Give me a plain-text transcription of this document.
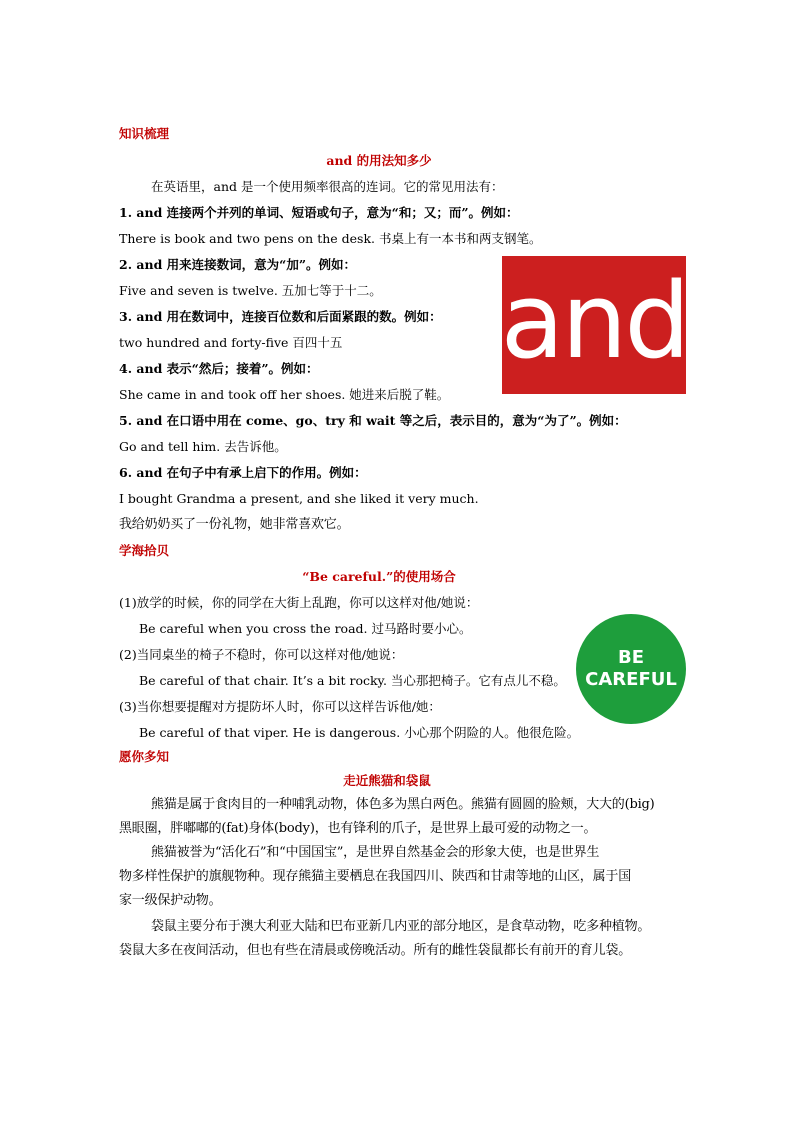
知识梳理
and 的用法知多少
在英语里，and 是一个使用频率很高的连词。它的常见用法有：
1. and 连接两个并列的单词、短语或句子，意为“和；又；而”。例如：
There is book and two pens on the desk. 书桌上有一本书和两支钢笔。
2. and 用来连接数词，意为“加”。例如：
Five and seven is twelve. 五加七等于十二。
3. and 用在数词中，连接百位数和后面紧跟的数。例如：
two hundred and forty-five 百四十五
4. and 表示“然后；接着”。例如：
She came in and took off her shoes. 她进来后脱了鞋。
5. and 在口语中用在 come、go、try 和 wait 等之后，表示目的，意为“为了”。例如：
Go and tell him. 去告诉他。
6. and 在句子中有承上启下的作用。例如：
I bought Grandma a present, and she liked it very much.
我给奶奶买了一份礼物，她非常喜欢它。
学海拾贝
“Be careful.”的使用场合
(1)放学的时候，你的同学在大街上乱跑，你可以这样对他/她说：
Be careful when you cross the road. 过马路时要小心。
(2)当同桌坐的椅子不稳时，你可以这样对他/她说：
Be careful of that chair. It’s a bit rocky. 当心那把椅子。它有点儿不稳。
(3)当你想要提醒对方提防坏人时，你可以这样告诉他/她：
Be careful of that viper. He is dangerous. 小心那个阴险的人。他很危险。
愿你多知
走近熊猫和袋鼠
熊猫是属于食肉目的一种哺乳动物，体色多为黑白两色。熊猫有圆圆的脸颊，大大的(big)
黑眼圈，胖嘟嘟的(fat)身体(body)，也有锋利的爪子，是世界上最可爱的动物之一。
熊猫被誉为“活化石”和“中国国宝”，是世界自然基金会的形象大使，也是世界生
物多样性保护的旗舰物种。现存熊猫主要栖息在我国四川、陕西和甘肃等地的山区，属于国
家一级保护动物。
袋鼠主要分布于澳大利亚大陆和巴布亚新几内亚的部分地区，是食草动物，吃多种植物。
袋鼠大多在夜间活动，但也有些在清晨或傍晚活动。所有的雌性袋鼠都长有前开的育儿袋。
and
BE
CAREFUL
